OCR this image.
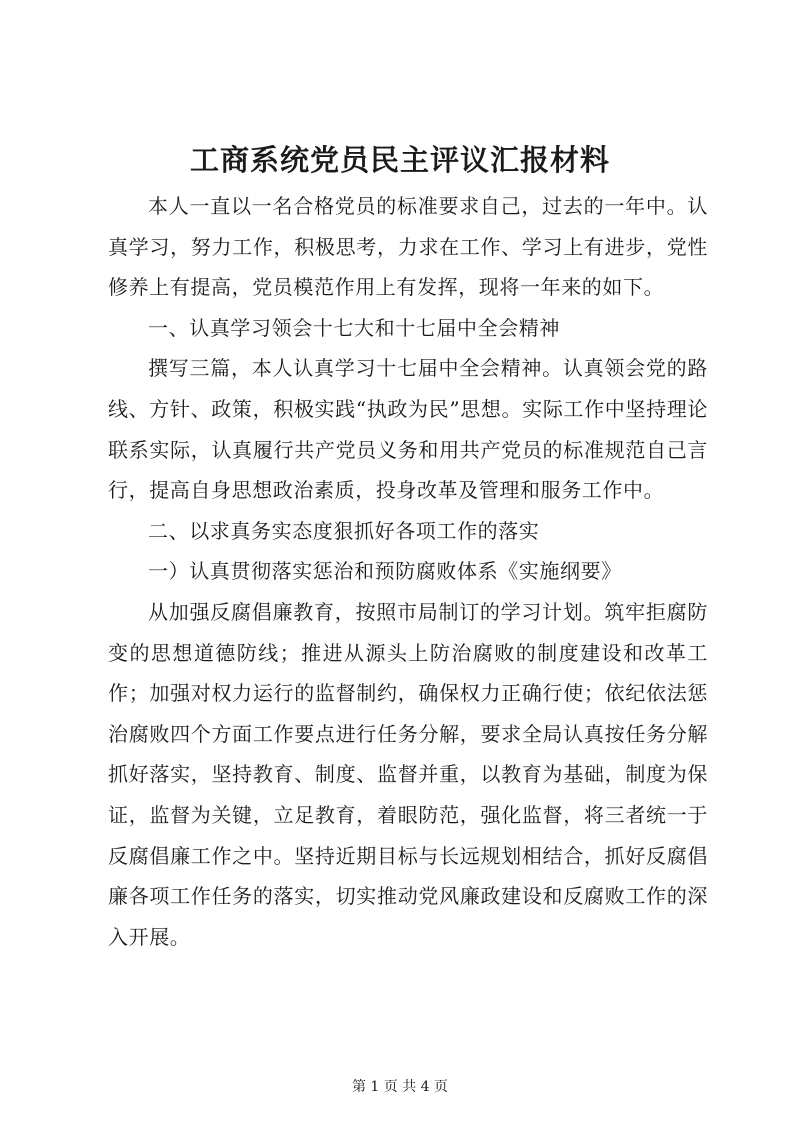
工商系统党员民主评议汇报材料

本人一直以一名合格党员的标准要求自己，过去的一年中。认真学习，努力工作，积极思考，力求在工作、学习上有进步，党性修养上有提高，党员模范作用上有发挥，现将一年来的如下。

一、认真学习领会十七大和十七届中全会精神

撰写三篇，本人认真学习十七届中全会精神。认真领会党的路线、方针、政策，积极实践“执政为民”思想。实际工作中坚持理论联系实际，认真履行共产党员义务和用共产党员的标准规范自己言行，提高自身思想政治素质，投身改革及管理和服务工作中。

二、以求真务实态度狠抓好各项工作的落实

一）认真贯彻落实惩治和预防腐败体系《实施纲要》

从加强反腐倡廉教育，按照市局制订的学习计划。筑牢拒腐防变的思想道德防线；推进从源头上防治腐败的制度建设和改革工作；加强对权力运行的监督制约，确保权力正确行使；依纪依法惩治腐败四个方面工作要点进行任务分解，要求全局认真按任务分解抓好落实，坚持教育、制度、监督并重，以教育为基础，制度为保证，监督为关键，立足教育，着眼防范，强化监督，将三者统一于反腐倡廉工作之中。坚持近期目标与长远规划相结合，抓好反腐倡廉各项工作任务的落实，切实推动党风廉政建设和反腐败工作的深入开展。

第 1 页 共 4 页
